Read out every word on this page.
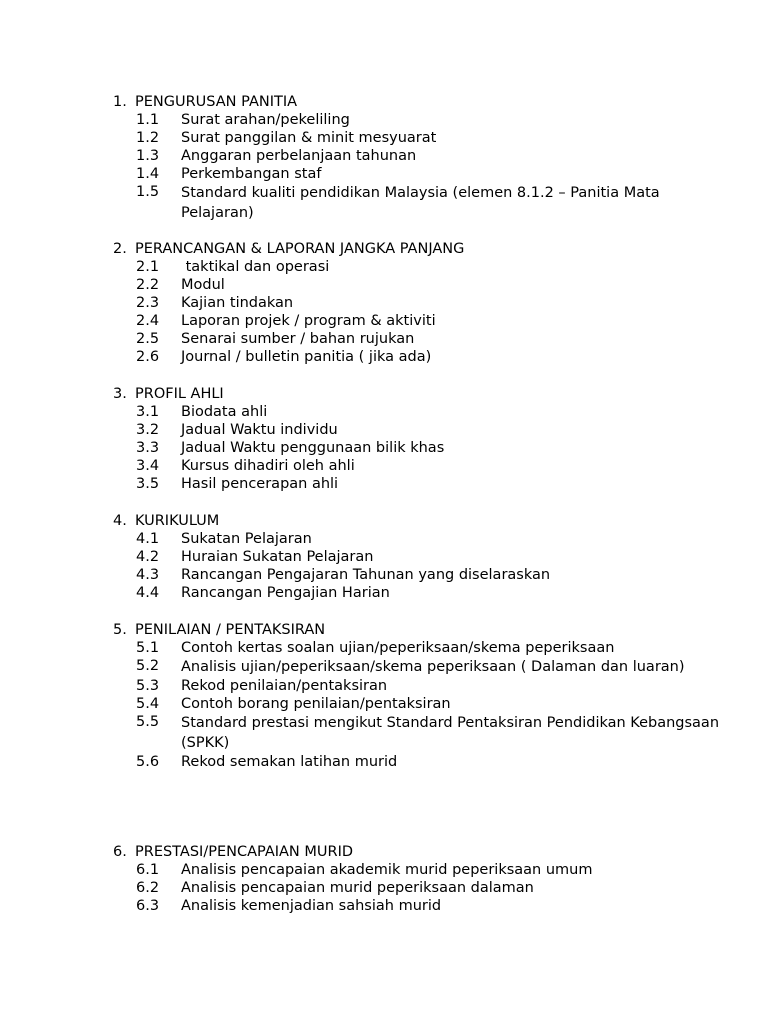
1. PENGURUSAN PANITIA

1.1	Surat arahan/pekeliling
1.2	Surat panggilan & minit mesyuarat
1.3	Anggaran perbelanjaan tahunan
1.4	Perkembangan staf
1.5	Standard kualiti pendidikan Malaysia (elemen 8.1.2 – Panitia Mata Pelajaran)

2. PERANCANGAN & LAPORAN JANGKA PANJANG

2.1	taktikal dan operasi
2.2	Modul
2.3	Kajian tindakan
2.4	Laporan projek / program & aktiviti
2.5	Senarai sumber / bahan rujukan
2.6	Journal / bulletin panitia ( jika ada)

3. PROFIL AHLI

3.1	Biodata ahli
3.2	Jadual Waktu individu
3.3	Jadual Waktu penggunaan bilik khas
3.4	Kursus dihadiri oleh ahli
3.5	Hasil pencerapan ahli

4. KURIKULUM

4.1	Sukatan Pelajaran
4.2	Huraian Sukatan Pelajaran
4.3	Rancangan Pengajaran Tahunan yang diselaraskan
4.4	Rancangan Pengajian Harian

5. PENILAIAN / PENTAKSIRAN

5.1	Contoh kertas soalan ujian/peperiksaan/skema peperiksaan
5.2	Analisis ujian/peperiksaan/skema peperiksaan ( Dalaman dan luaran)
5.3	Rekod penilaian/pentaksiran
5.4	Contoh borang penilaian/pentaksiran
5.5	Standard prestasi mengikut Standard Pentaksiran Pendidikan Kebangsaan (SPKK)
5.6	Rekod semakan latihan murid

6. PRESTASI/PENCAPAIAN MURID

6.1	Analisis pencapaian akademik murid peperiksaan umum
6.2	Analisis pencapaian murid peperiksaan dalaman
6.3	Analisis kemenjadian sahsiah murid
